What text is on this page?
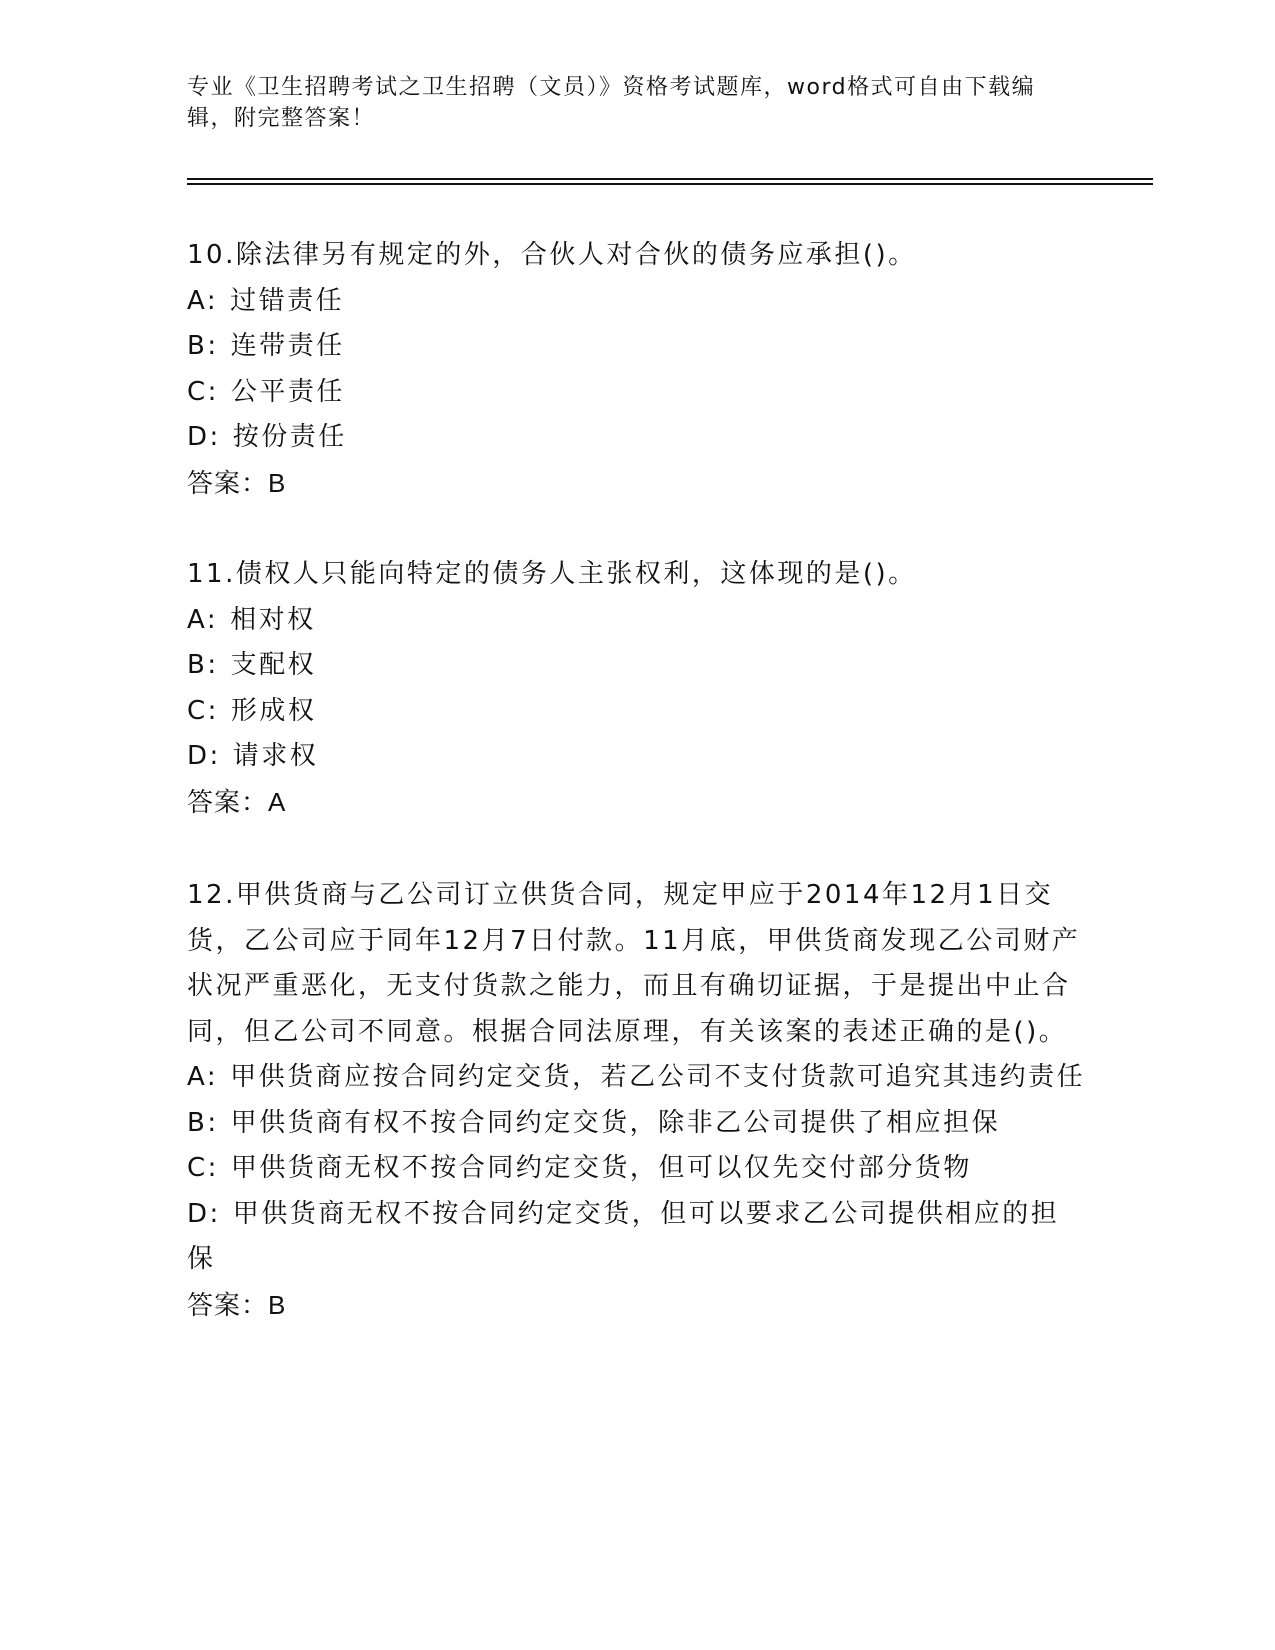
专业《卫生招聘考试之卫生招聘（文员）》资格考试题库，word格式可自由下载编辑，附完整答案！
10.除法律另有规定的外，合伙人对合伙的债务应承担()。
A: 过错责任
B: 连带责任
C: 公平责任
D: 按份责任
答案：B
11.债权人只能向特定的债务人主张权利，这体现的是()。
A: 相对权
B: 支配权
C: 形成权
D: 请求权
答案：A
12.甲供货商与乙公司订立供货合同，规定甲应于2014年12月1日交货，乙公司应于同年12月7日付款。11月底，甲供货商发现乙公司财产状况严重恶化，无支付货款之能力，而且有确切证据，于是提出中止合同，但乙公司不同意。根据合同法原理，有关该案的表述正确的是()。
A: 甲供货商应按合同约定交货，若乙公司不支付货款可追究其违约责任
B: 甲供货商有权不按合同约定交货，除非乙公司提供了相应担保
C: 甲供货商无权不按合同约定交货，但可以仅先交付部分货物
D: 甲供货商无权不按合同约定交货，但可以要求乙公司提供相应的担保
答案：B
